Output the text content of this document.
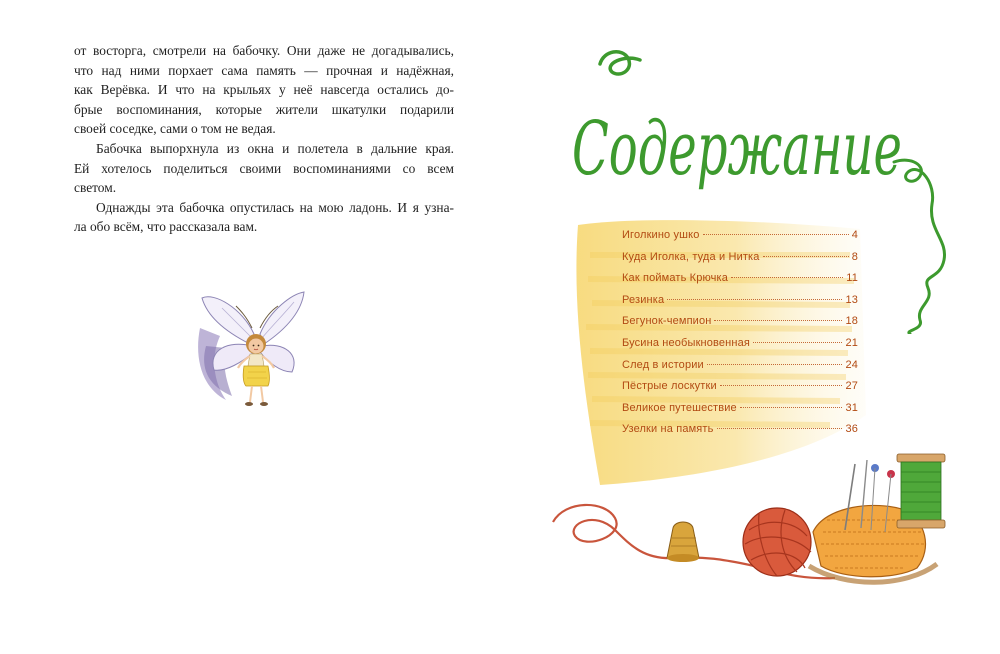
от восторга, смотрели на бабочку. Они даже не догадывались,
что над ними порхает сама память — прочная и надёжная,
как Верёвка. И что на крыльях у неё навсегда остались до-
брые воспоминания, которые жители шкатулки подарили
своей соседке, сами о том не ведая.

Бабочка выпорхнула из окна и полетела в дальние края.
Ей хотелось поделиться своими воспоминаниями со всем
светом.

Однажды эта бабочка опустилась на мою ладонь. И я узна-
ла обо всём, что рассказала вам.

Содержание
Иголкино ушко	4
Куда Иголка, туда и Нитка	8
Как поймать Крючка	11
Резинка	13
Бегунок-чемпион	18
Бусина необыкновенная	21
След в истории	24
Пёстрые лоскутки	27
Великое путешествие	31
Узелки на память	36
